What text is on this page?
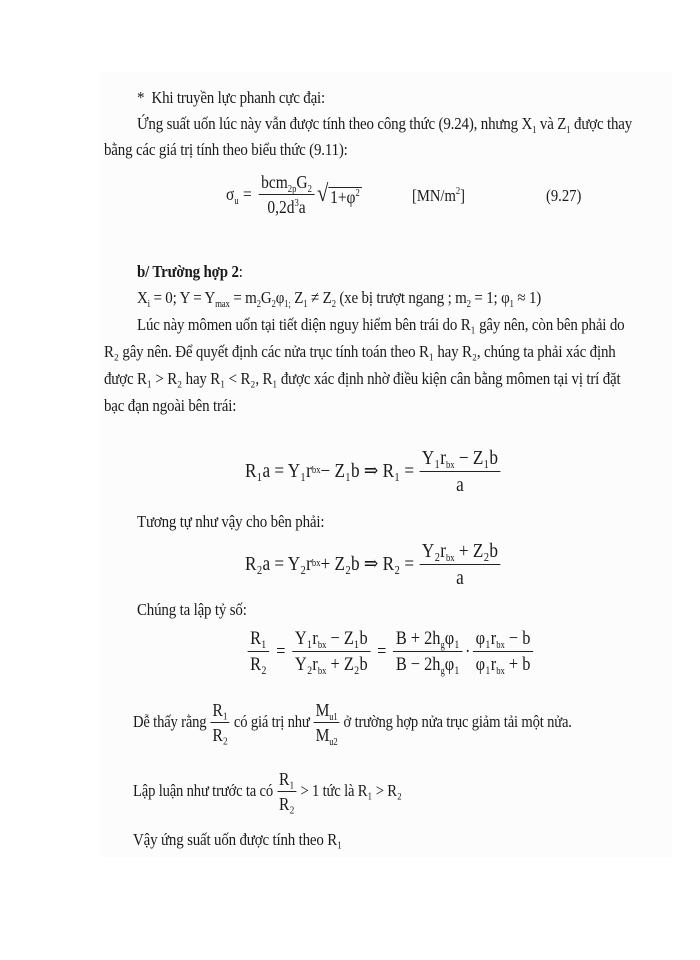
* Khi truyền lực phanh cực đại:
Ứng suất uốn lúc này vẫn được tính theo công thức (9.24), nhưng $X_1$ và $Z_1$ được thay
bằng các giá trị tính theo biểu thức (9.11):
$\sigma_u = \frac{bcm_{2p}G_2}{0,2d^3a}$ √ $1+\varphi^2$	$[MN/m^2]$	(9.27)
b/ Trường hợp 2:
$X_i = 0$; $Y = Y_{max} = m_2G_2\varphi_{1;}$ $Z_1 \ne Z_2$ (xe bị trượt ngang ; $m_2 = 1$; $\varphi_1 \approx 1$)
Lúc này mômen uốn tại tiết diện nguy hiểm bên trái do R₁ gây nên, còn bên phải do
R₂ gây nên. Để quyết định các nửa trục tính toán theo R₁ hay R₂, chúng ta phải xác định
được R₁ > R₂ hay R₁ < R₂, R₁ được xác định nhờ điều kiện cân bằng mômen tại vị trí đặt
bạc đạn ngoài bên trái:
R₁a = Y₁r bx − Z₁b ⇒ $R_1 = \frac{Y_1r_{bx} - Z_1b}{a}$
Tương tự như vậy cho bên phải:
R₂a = Y₂r bx + Z₂b ⇒ $R_2 = \frac{Y_2r_{bx} + Z_2b}{a}$
Chúng ta lập tỷ số:
$\frac{\text{R₁}}{\text{R₂}} = \frac{Y_1r_{bx} - Z_1b}{Y_2r_{bx} + Z_2b} = \frac{B + 2h_g\varphi_1}{B - 2h_g\varphi_1} \cdot \frac{\varphi_1r_{bx} - b}{\varphi_1r_{bx} + b}$
Dễ thấy rằng $\frac{\text{R₁}}{\text{R₂}}$ có giá trị như $\frac{M_{u1}}{M_{u2}}$ ở trường hợp nửa trục giảm tải một nửa.
Lập luận như trước ta có $\frac{\text{R₁}}{\text{R₂}} > 1$ tức là R₁ > R₂
Vậy ứng suất uốn được tính theo R₁
